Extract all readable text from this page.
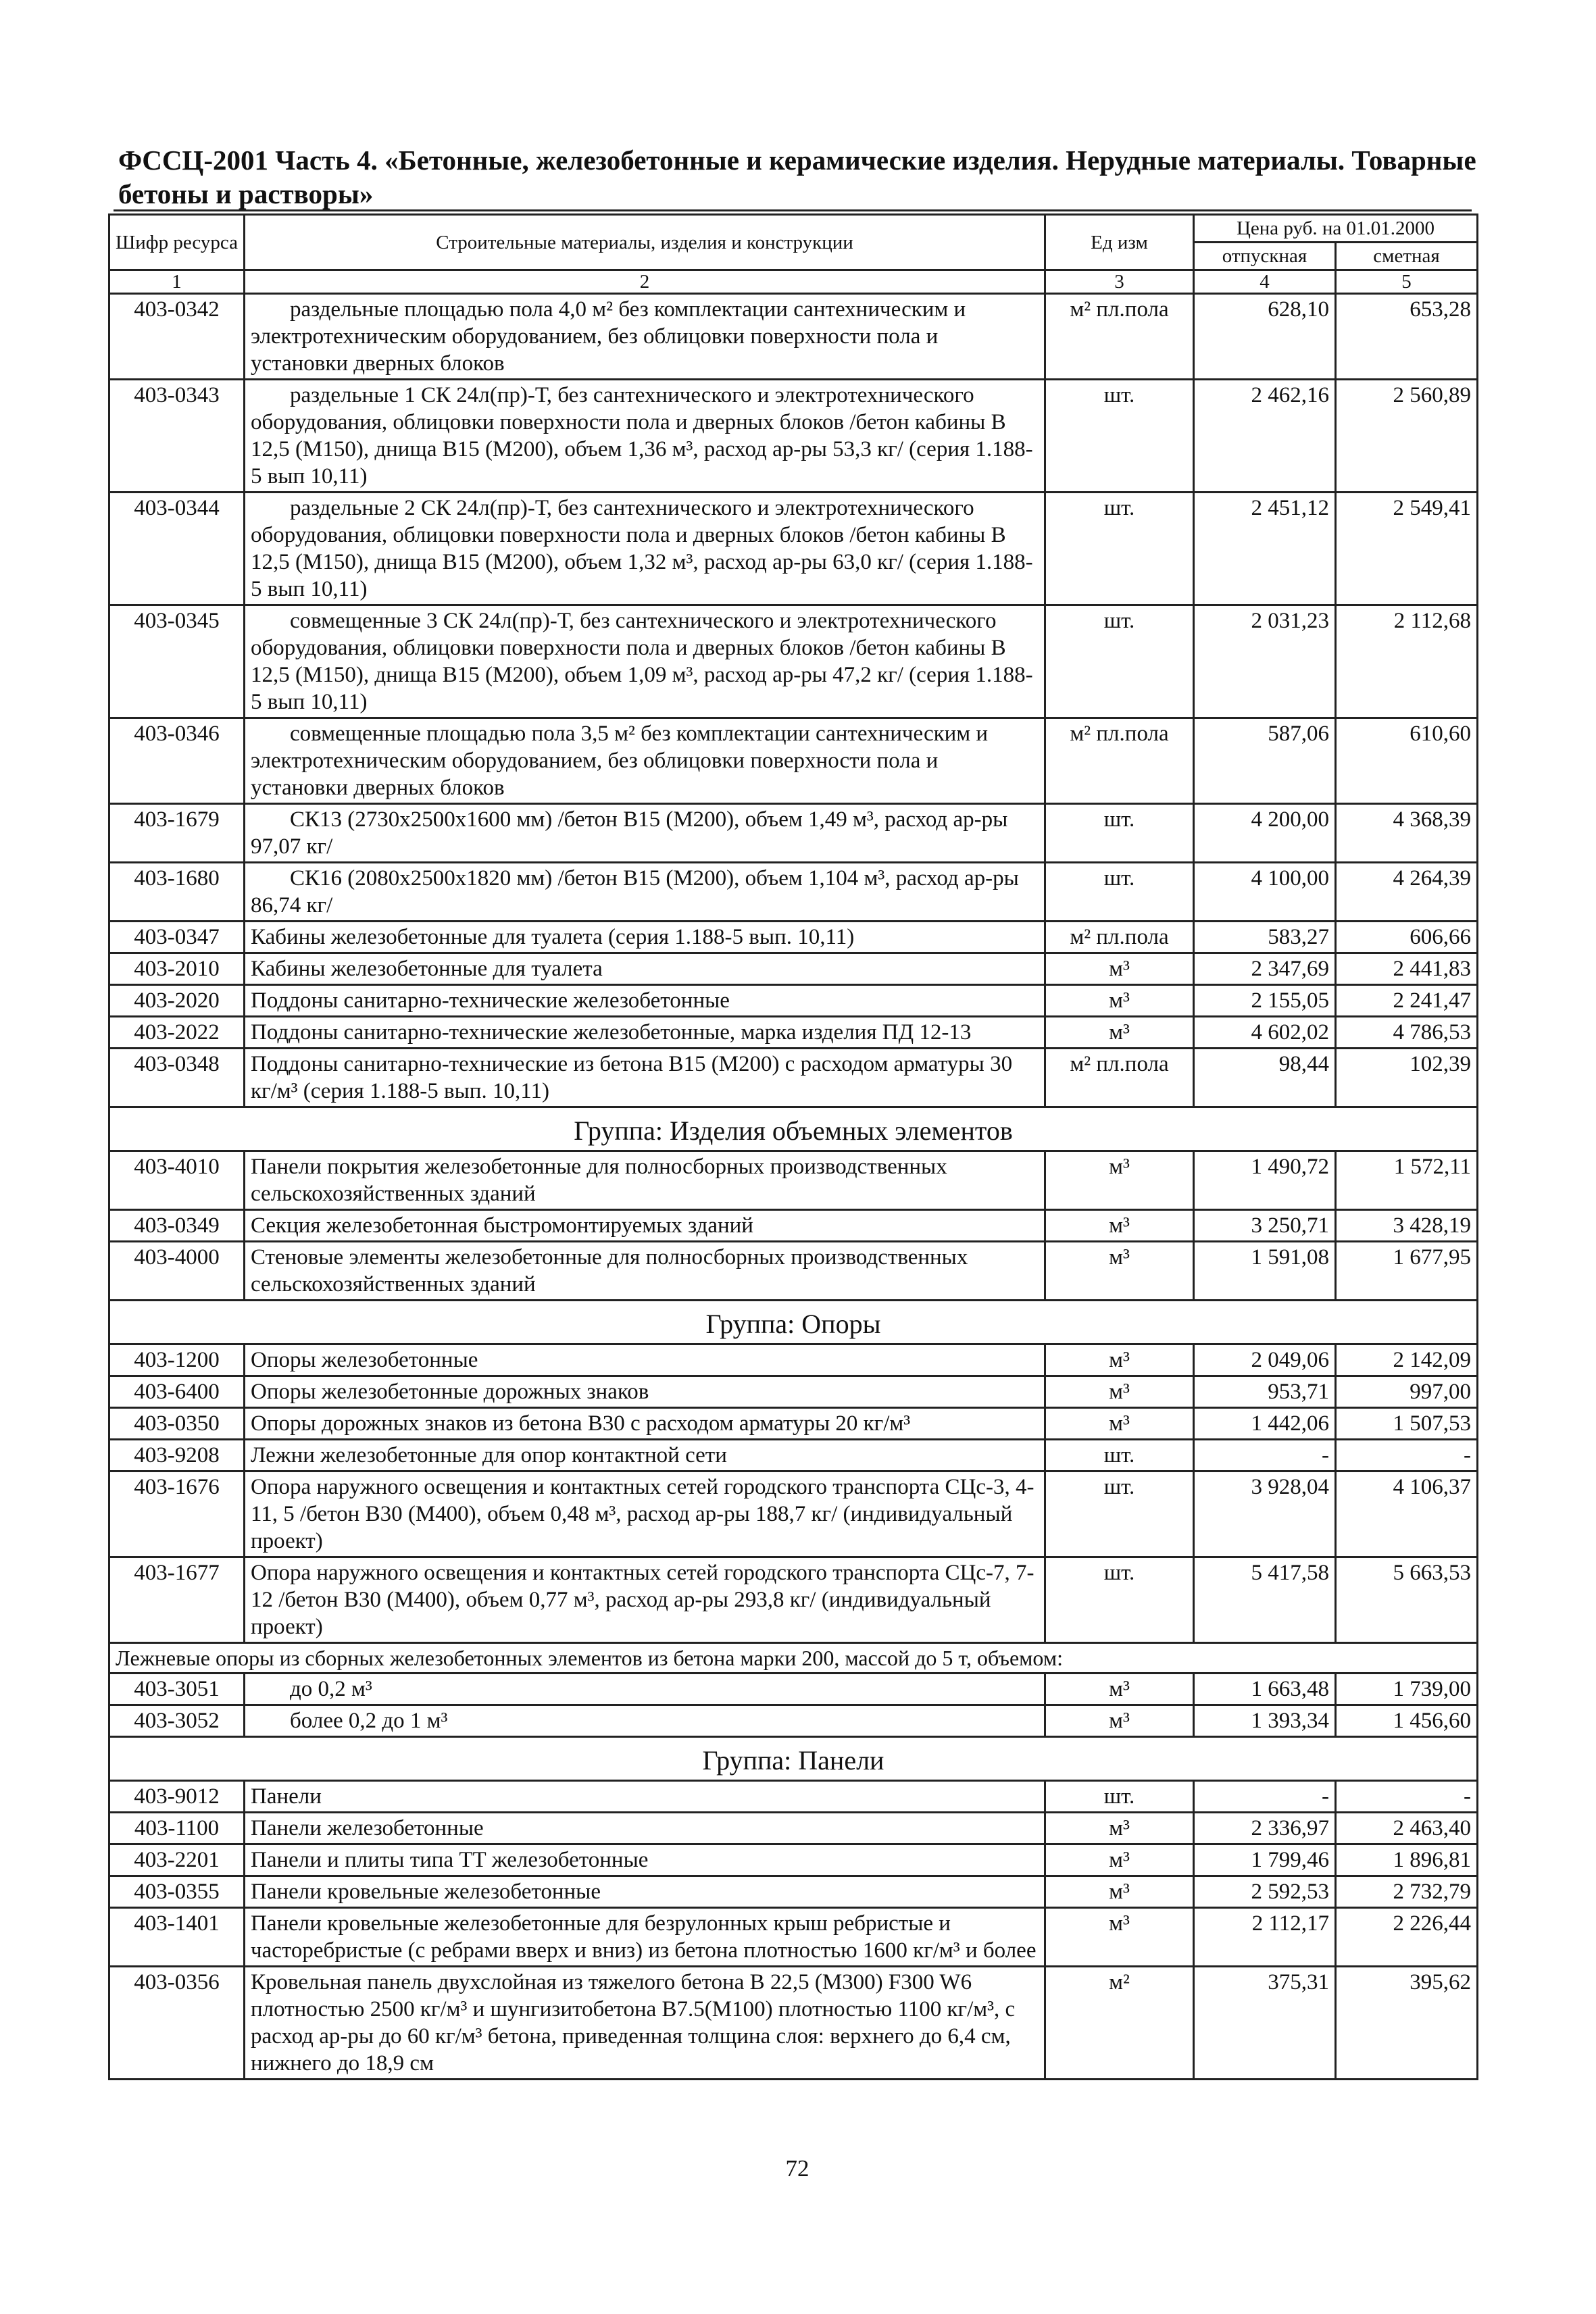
ФССЦ-2001 Часть 4. «Бетонные, железобетонные и керамические изделия. Нерудные материалы. Товарные бетоны и растворы»
Шифр ресурса	Строительные материалы, изделия и конструкции	Ед изм	Цена руб. на 01.01.2000	
			отпускная	сметная
1	2	3	4	5
403-0342	раздельные площадью пола 4,0 м² без комплектации сантехническим и электротехническим оборудованием, без облицовки поверхности пола и установки дверных блоков	м² пл.пола	628,10	653,28
403-0343	раздельные 1 СК 24л(пр)-Т, без сантехнического и электротехнического оборудования, облицовки поверхности пола и дверных блоков /бетон кабины В 12,5 (М150), днища В15 (М200), объем 1,36 м³, расход ар-ры 53,3 кг/ (серия 1.188-5 вып 10,11)	шт.	2 462,16	2 560,89
403-0344	раздельные 2 СК 24л(пр)-Т, без сантехнического и электротехнического оборудования, облицовки поверхности пола и дверных блоков /бетон кабины В 12,5 (М150), днища В15 (М200), объем 1,32 м³, расход ар-ры 63,0 кг/ (серия 1.188-5 вып 10,11)	шт.	2 451,12	2 549,41
403-0345	совмещенные 3 СК 24л(пр)-Т, без сантехнического и электротехнического оборудования, облицовки поверхности пола и дверных блоков /бетон кабины В 12,5 (М150), днища В15 (М200), объем 1,09 м³, расход ар-ры 47,2 кг/ (серия 1.188-5 вып 10,11)	шт.	2 031,23	2 112,68
403-0346	совмещенные площадью пола 3,5 м² без комплектации сантехническим и электротехническим оборудованием, без облицовки поверхности пола и установки дверных блоков	м² пл.пола	587,06	610,60
403-1679	СК13 (2730x2500x1600 мм) /бетон В15 (М200), объем 1,49 м³, расход ар-ры 97,07 кг/	шт.	4 200,00	4 368,39
403-1680	СК16 (2080x2500x1820 мм) /бетон В15 (М200), объем 1,104 м³, расход ар-ры 86,74 кг/	шт.	4 100,00	4 264,39
403-0347	Кабины железобетонные для туалета (серия 1.188-5 вып. 10,11)	м² пл.пола	583,27	606,66
403-2010	Кабины железобетонные для туалета	м³	2 347,69	2 441,83
403-2020	Поддоны санитарно-технические железобетонные	м³	2 155,05	2 241,47
403-2022	Поддоны санитарно-технические железобетонные, марка изделия ПД 12-13	м³	4 602,02	4 786,53
403-0348	Поддоны санитарно-технические из бетона В15 (М200) с расходом арматуры 30 кг/м³ (серия 1.188-5 вып. 10,11)	м² пл.пола	98,44	102,39
Группа: Изделия объемных элементов				
403-4010	Панели покрытия железобетонные для полносборных производственных сельскохозяйственных зданий	м³	1 490,72	1 572,11
403-0349	Секция железобетонная быстромонтируемых зданий	м³	3 250,71	3 428,19
403-4000	Стеновые элементы железобетонные для полносборных производственных сельскохозяйственных зданий	м³	1 591,08	1 677,95
Группа: Опоры				
403-1200	Опоры железобетонные	м³	2 049,06	2 142,09
403-6400	Опоры железобетонные дорожных знаков	м³	953,71	997,00
403-0350	Опоры дорожных знаков из бетона В30 с расходом арматуры 20 кг/м³	м³	1 442,06	1 507,53
403-9208	Лежни железобетонные для опор контактной сети	шт.	-	-
403-1676	Опора наружного освещения и контактных сетей городского транспорта СЦс-3, 4-11, 5 /бетон В30 (М400), объем 0,48 м³, расход ар-ры 188,7 кг/ (индивидуальный проект)	шт.	3 928,04	4 106,37
403-1677	Опора наружного освещения и контактных сетей городского транспорта СЦс-7, 7-12 /бетон В30 (М400), объем 0,77 м³, расход ар-ры 293,8 кг/ (индивидуальный проект)	шт.	5 417,58	5 663,53
Лежневые опоры из сборных железобетонных элементов из бетона марки 200, массой до 5 т, объемом:				
403-3051	до 0,2 м³	м³	1 663,48	1 739,00
403-3052	более 0,2 до 1 м³	м³	1 393,34	1 456,60
Группа: Панели				
403-9012	Панели	шт.	-	-
403-1100	Панели железобетонные	м³	2 336,97	2 463,40
403-2201	Панели и плиты типа ТТ железобетонные	м³	1 799,46	1 896,81
403-0355	Панели кровельные железобетонные	м³	2 592,53	2 732,79
403-1401	Панели кровельные железобетонные для безрулонных крыш ребристые и часторебристые (с ребрами вверх и вниз) из бетона плотностью 1600 кг/м³ и более	м³	2 112,17	2 226,44
403-0356	Кровельная панель двухслойная из тяжелого бетона В 22,5 (М300) F300 W6 плотностью 2500 кг/м³ и шунгизитобетона В7.5(М100) плотностью 1100 кг/м³, с расход ар-ры до 60 кг/м³ бетона, приведенная толщина слоя: верхнего до 6,4 см, нижнего до 18,9 см	м²	375,31	395,62
72
